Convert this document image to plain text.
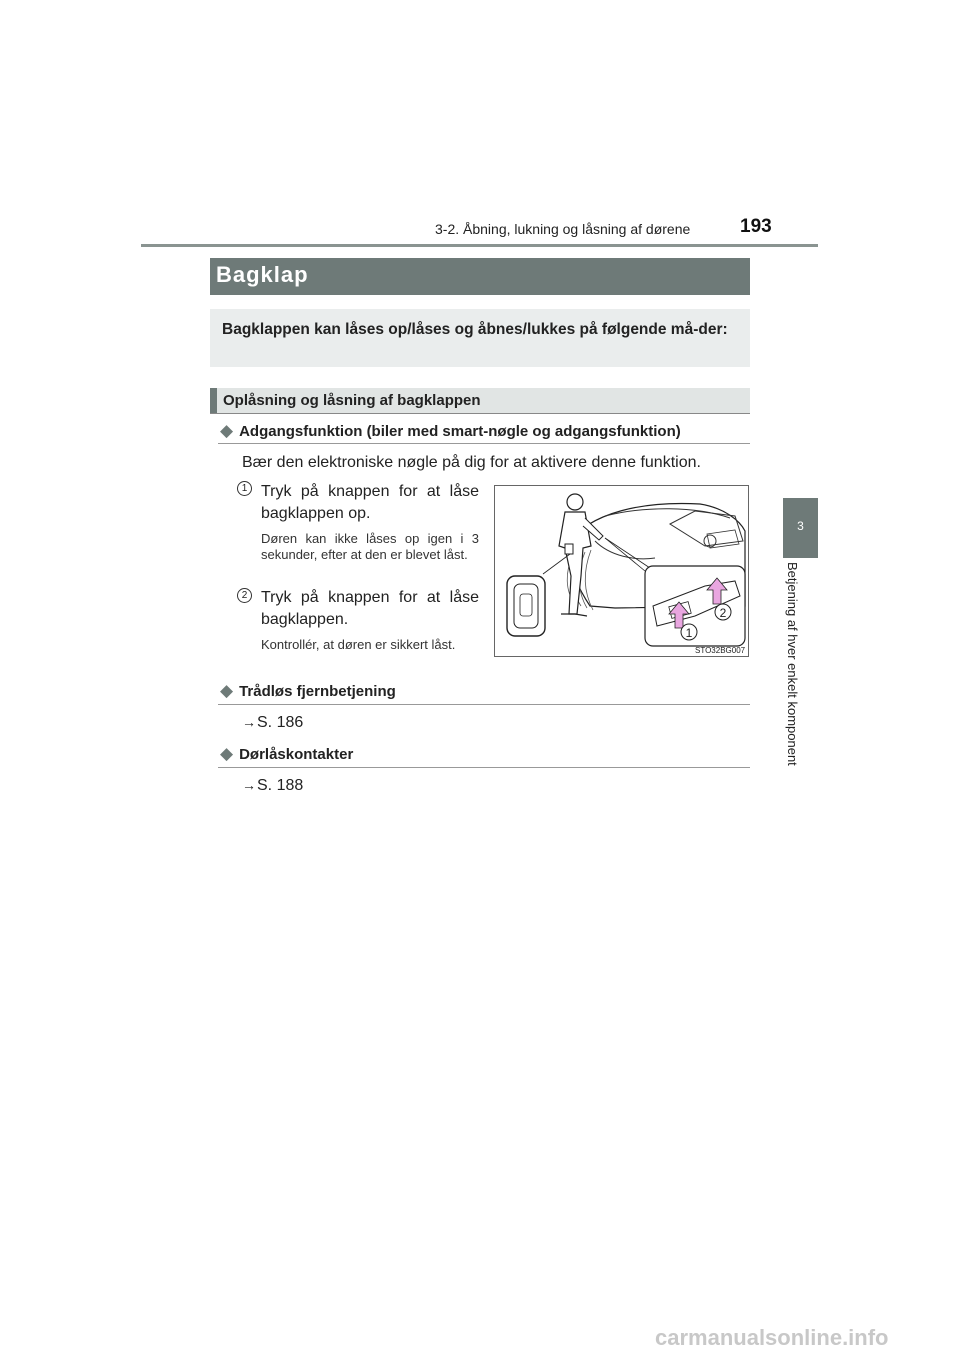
3-2. Åbning, lukning og låsning af dørene	193
3
Betjening af hver enkelt komponent
Bagklap
Bagklappen kan låses op/låses og åbnes/lukkes på følgende må-der:
Oplåsning og låsning af bagklappen
◆ Adgangsfunktion (biler med smart-nøgle og adgangsfunktion)
Bær den elektroniske nøgle på dig for at aktivere denne funktion.
1 Tryk på knappen for at låse bagklappen op.
Døren kan ikke låses op igen i 3 sekunder, efter at den er blevet låst.
2 Tryk på knappen for at låse bagklappen.
Kontrollér, at døren er sikkert låst.
1
2
STO32BG007
◆ Trådløs fjernbetjening
→S. 186
◆ Dørlåskontakter
→S. 188
carmanualsonline.info
